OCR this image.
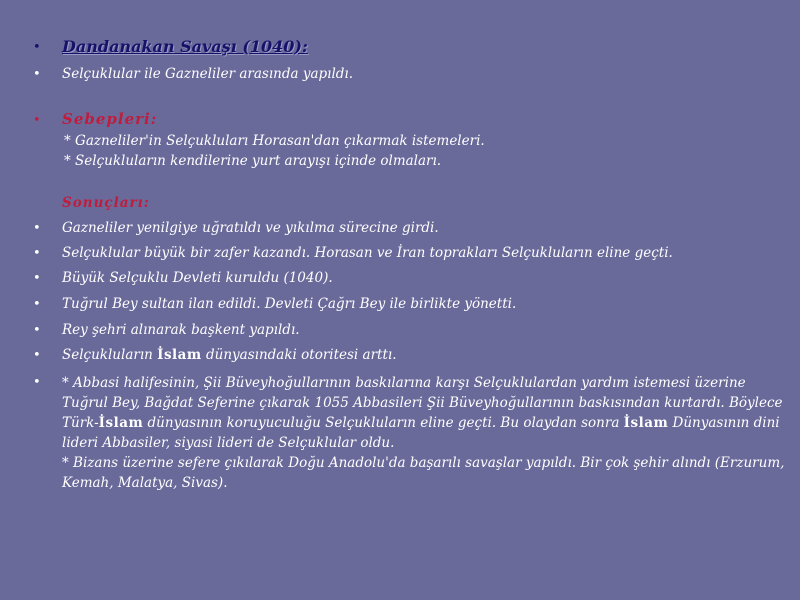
• Dandanakan Savaşı (1040):
• Selçuklular ile Gazneliler arasında yapıldı.
• Sebepleri:
* Gazneliler'in Selçukluları Horasan'dan çıkarmak istemeleri.
* Selçukluların kendilerine yurt arayışı içinde olmaları.
Sonuçları:
• Gazneliler yenilgiye uğratıldı ve yıkılma sürecine girdi.
• Selçuklular büyük bir zafer kazandı. Horasan ve İran toprakları Selçukluların eline geçti.
• Büyük Selçuklu Devleti kuruldu (1040).
• Tuğrul Bey sultan ilan edildi. Devleti Çağrı Bey ile birlikte yönetti.
• Rey şehri alınarak başkent yapıldı.
• Selçukluların İslam dünyasındaki otoritesi arttı.
• * Abbasi halifesinin, Şii Büveyhoğullarının baskılarına karşı Selçuklulardan yardım istemesi üzerine Tuğrul Bey, Bağdat Seferine çıkarak 1055 Abbasileri Şii Büveyhoğullarının baskısından kurtardı. Böylece Türk-İslam dünyasının koruyuculuğu Selçukluların eline geçti. Bu olaydan sonra İslam Dünyasının dini lideri Abbasiler, siyasi lideri de Selçuklular oldu.
* Bizans üzerine sefere çıkılarak Doğu Anadolu'da başarılı savaşlar yapıldı. Bir çok şehir alındı (Erzurum, Kemah, Malatya, Sivas).
